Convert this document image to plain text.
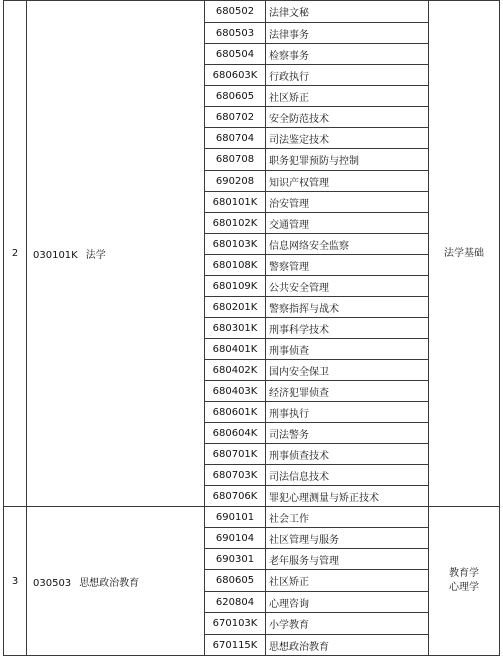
2	030101K 法学	680502	法律文秘	法学基础

		680503	法律事务	
		680504	检察事务	
		680603K	行政执行	
		680605	社区矫正	
		680702	安全防范技术	
		680704	司法鉴定技术	
		680708	职务犯罪预防与控制	
		690208	知识产权管理	
		680101K	治安管理	
		680102K	交通管理	
		680103K	信息网络安全监察	
		680108K	警察管理	
		680109K	公共安全管理	
		680201K	警察指挥与战术	
		680301K	刑事科学技术	
		680401K	刑事侦查	
		680402K	国内安全保卫	
		680403K	经济犯罪侦查	
		680601K	刑事执行	
		680604K	司法警务	
		680701K	刑事侦查技术	
		680703K	司法信息技术	
		680706K	罪犯心理测量与矫正技术	
3	030503 思想政治教育	690101	社会工作	教育学
心理学

		690104	社区管理与服务	
		690301	老年服务与管理	
		680605	社区矫正	
		620804	心理咨询	
		670103K	小学教育	
		670115K	思想政治教育	
